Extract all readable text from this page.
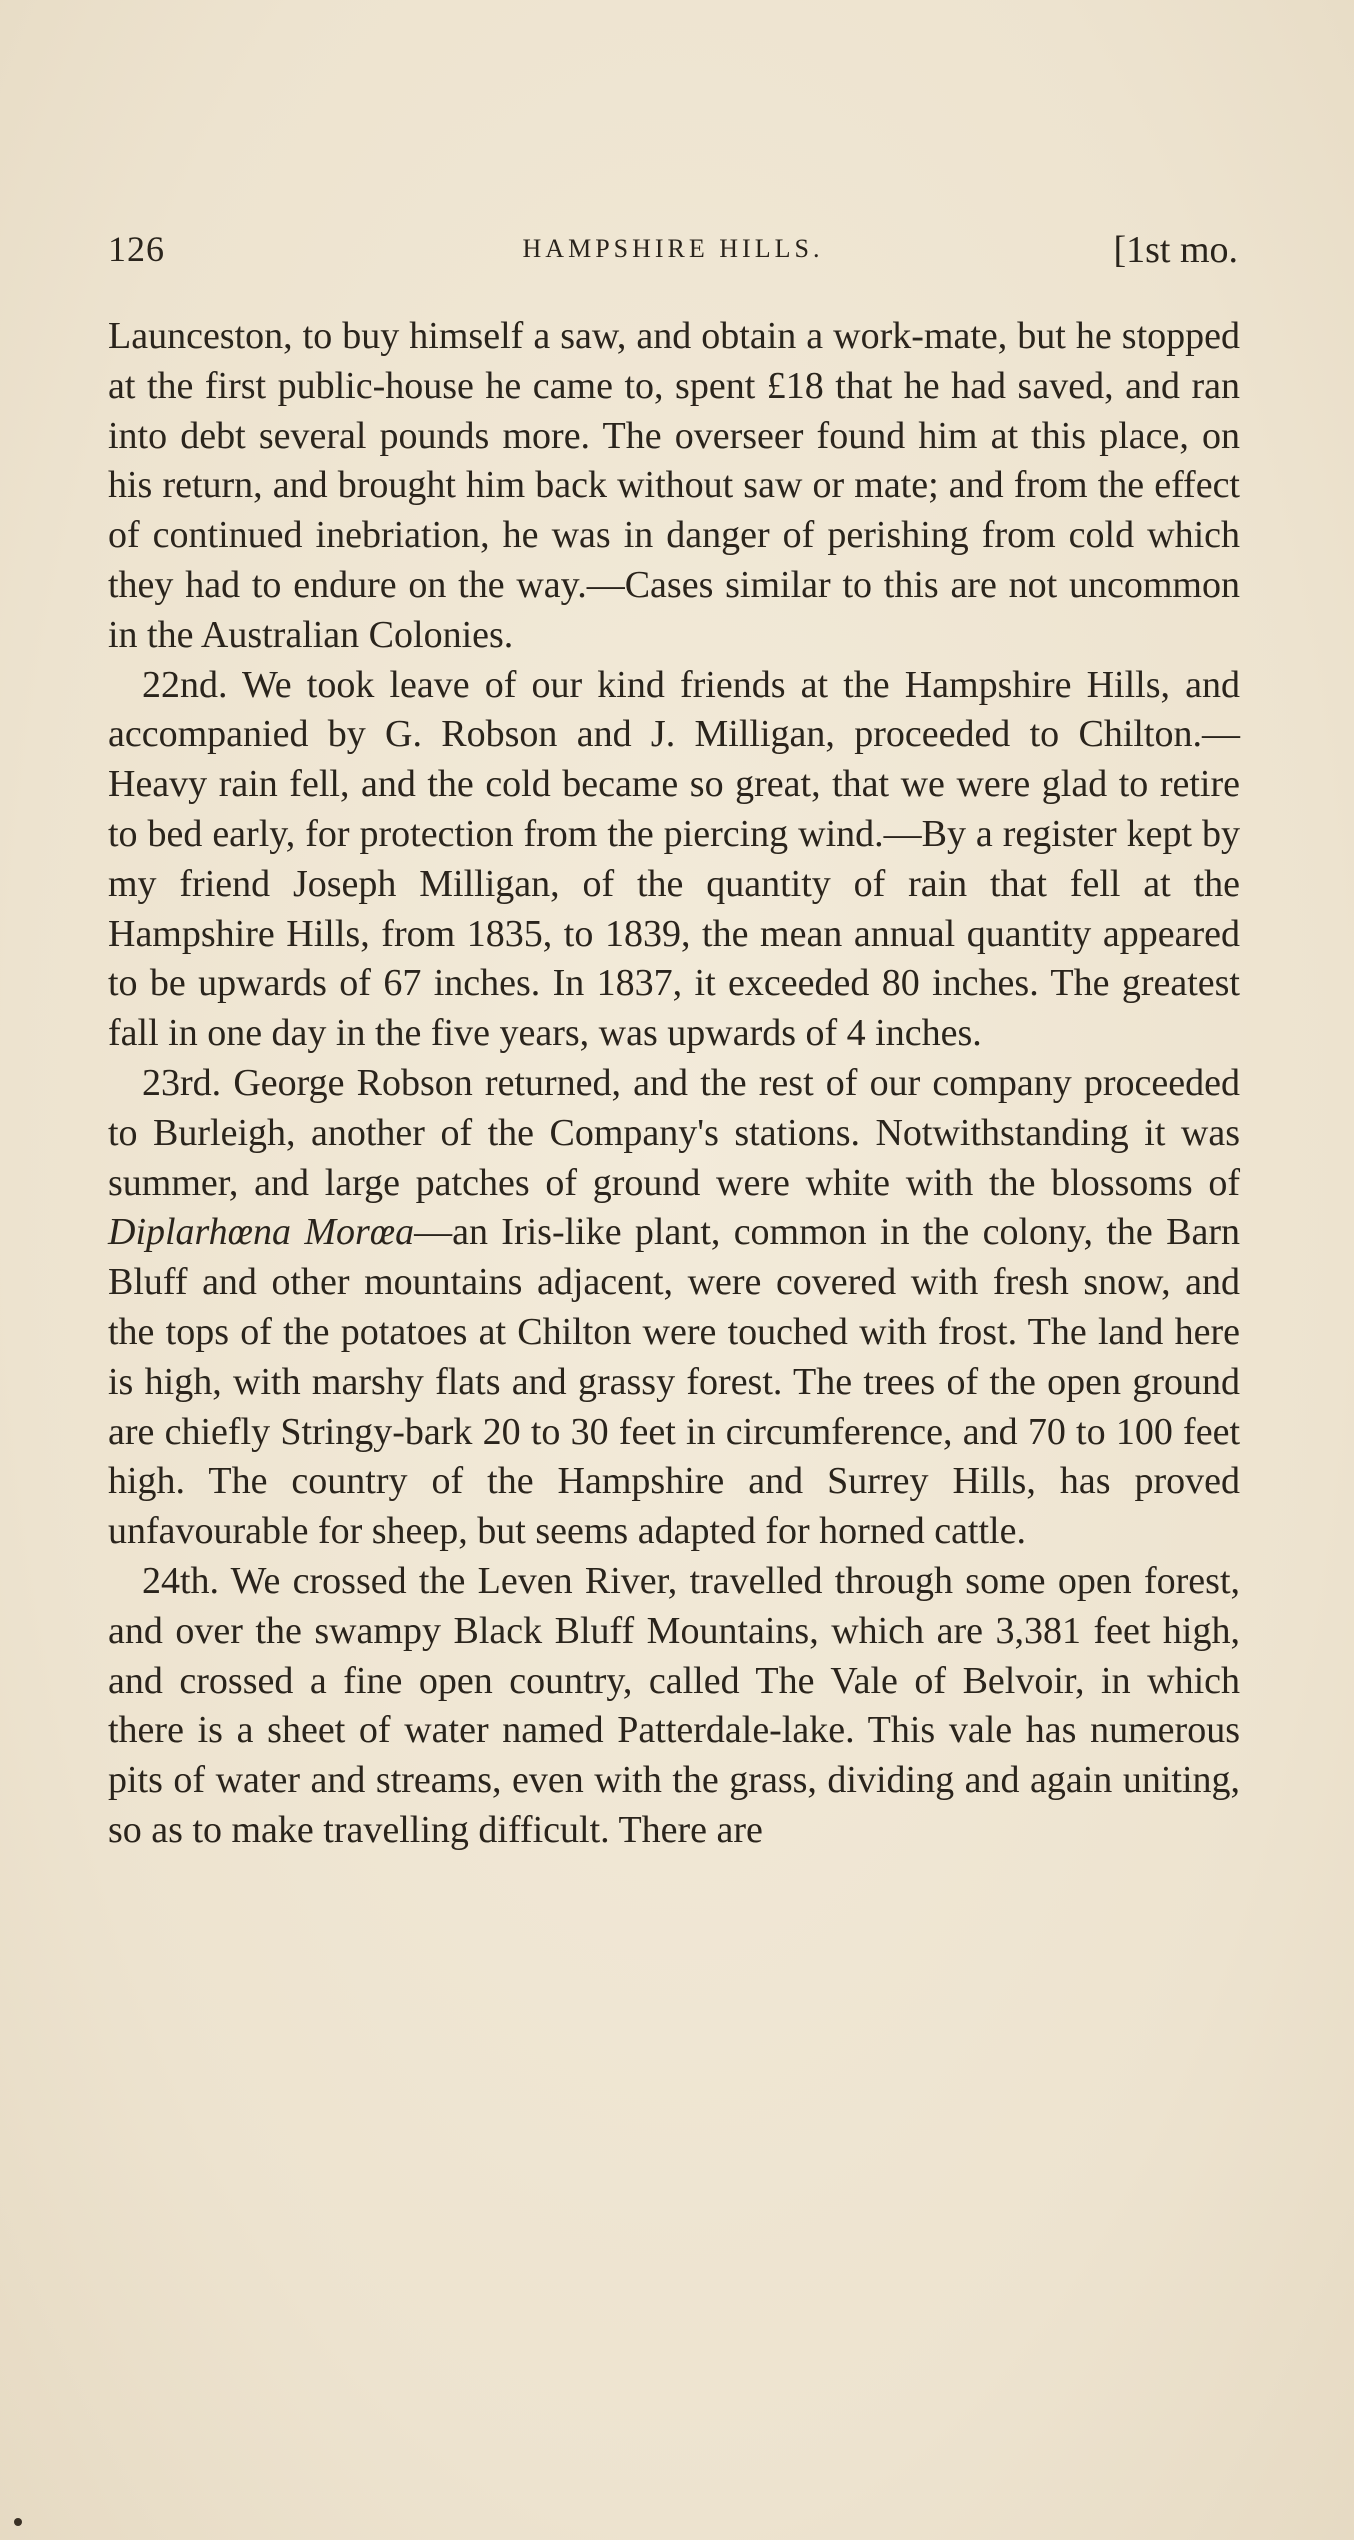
126	HAMPSHIRE HILLS.	[1st mo.

Launceston, to buy himself a saw, and obtain a work-mate, but he stopped at the first public-house he came to, spent £18 that he had saved, and ran into debt several pounds more. The overseer found him at this place, on his return, and brought him back without saw or mate; and from the effect of continued inebriation, he was in danger of perishing from cold which they had to endure on the way.—Cases similar to this are not uncommon in the Australian Colonies.

22nd. We took leave of our kind friends at the Hampshire Hills, and accompanied by G. Robson and J. Milligan, proceeded to Chilton.—Heavy rain fell, and the cold became so great, that we were glad to retire to bed early, for protection from the piercing wind.—By a register kept by my friend Joseph Milligan, of the quantity of rain that fell at the Hampshire Hills, from 1835, to 1839, the mean annual quantity appeared to be upwards of 67 inches. In 1837, it exceeded 80 inches. The greatest fall in one day in the five years, was upwards of 4 inches.

23rd. George Robson returned, and the rest of our company proceeded to Burleigh, another of the Company's stations. Notwithstanding it was summer, and large patches of ground were white with the blossoms of Diplarhœna Morœa—an Iris-like plant, common in the colony, the Barn Bluff and other mountains adjacent, were covered with fresh snow, and the tops of the potatoes at Chilton were touched with frost. The land here is high, with marshy flats and grassy forest. The trees of the open ground are chiefly Stringy-bark 20 to 30 feet in circumference, and 70 to 100 feet high. The country of the Hampshire and Surrey Hills, has proved unfavourable for sheep, but seems adapted for horned cattle.

24th. We crossed the Leven River, travelled through some open forest, and over the swampy Black Bluff Mountains, which are 3,381 feet high, and crossed a fine open country, called The Vale of Belvoir, in which there is a sheet of water named Patterdale-lake. This vale has numerous pits of water and streams, even with the grass, dividing and again uniting, so as to make travelling difficult. There are
